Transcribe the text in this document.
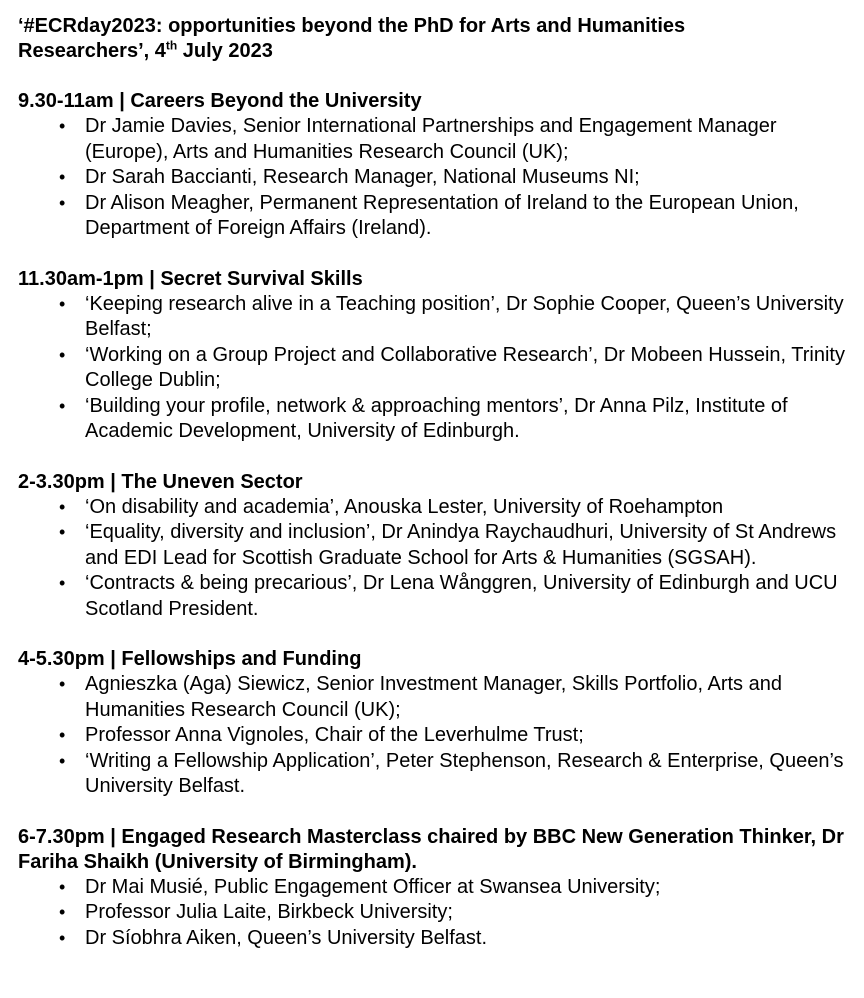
‘#ECRday2023: opportunities beyond the PhD for Arts and Humanities
Researchers’, 4th July 2023
9.30-11am | Careers Beyond the University
• Dr Jamie Davies, Senior International Partnerships and Engagement Manager (Europe), Arts and Humanities Research Council (UK);
• Dr Sarah Baccianti, Research Manager, National Museums NI;
• Dr Alison Meagher, Permanent Representation of Ireland to the European Union, Department of Foreign Affairs (Ireland).
11.30am-1pm | Secret Survival Skills
• ‘Keeping research alive in a Teaching position’, Dr Sophie Cooper, Queen’s University Belfast;
• ‘Working on a Group Project and Collaborative Research’, Dr Mobeen Hussein, Trinity College Dublin;
• ‘Building your profile, network & approaching mentors’, Dr Anna Pilz, Institute of Academic Development, University of Edinburgh.
2-3.30pm | The Uneven Sector
• ‘On disability and academia’, Anouska Lester, University of Roehampton
• ‘Equality, diversity and inclusion’, Dr Anindya Raychaudhuri, University of St Andrews and EDI Lead for Scottish Graduate School for Arts & Humanities (SGSAH).
• ‘Contracts & being precarious’, Dr Lena Wånggren, University of Edinburgh and UCU Scotland President.
4-5.30pm | Fellowships and Funding
• Agnieszka (Aga) Siewicz, Senior Investment Manager, Skills Portfolio, Arts and Humanities Research Council (UK);
• Professor Anna Vignoles, Chair of the Leverhulme Trust;
• ‘Writing a Fellowship Application’, Peter Stephenson, Research & Enterprise, Queen’s University Belfast.
6-7.30pm | Engaged Research Masterclass chaired by BBC New Generation Thinker, Dr Fariha Shaikh (University of Birmingham).
• Dr Mai Musié, Public Engagement Officer at Swansea University;
• Professor Julia Laite, Birkbeck University;
• Dr Síobhra Aiken, Queen’s University Belfast.
